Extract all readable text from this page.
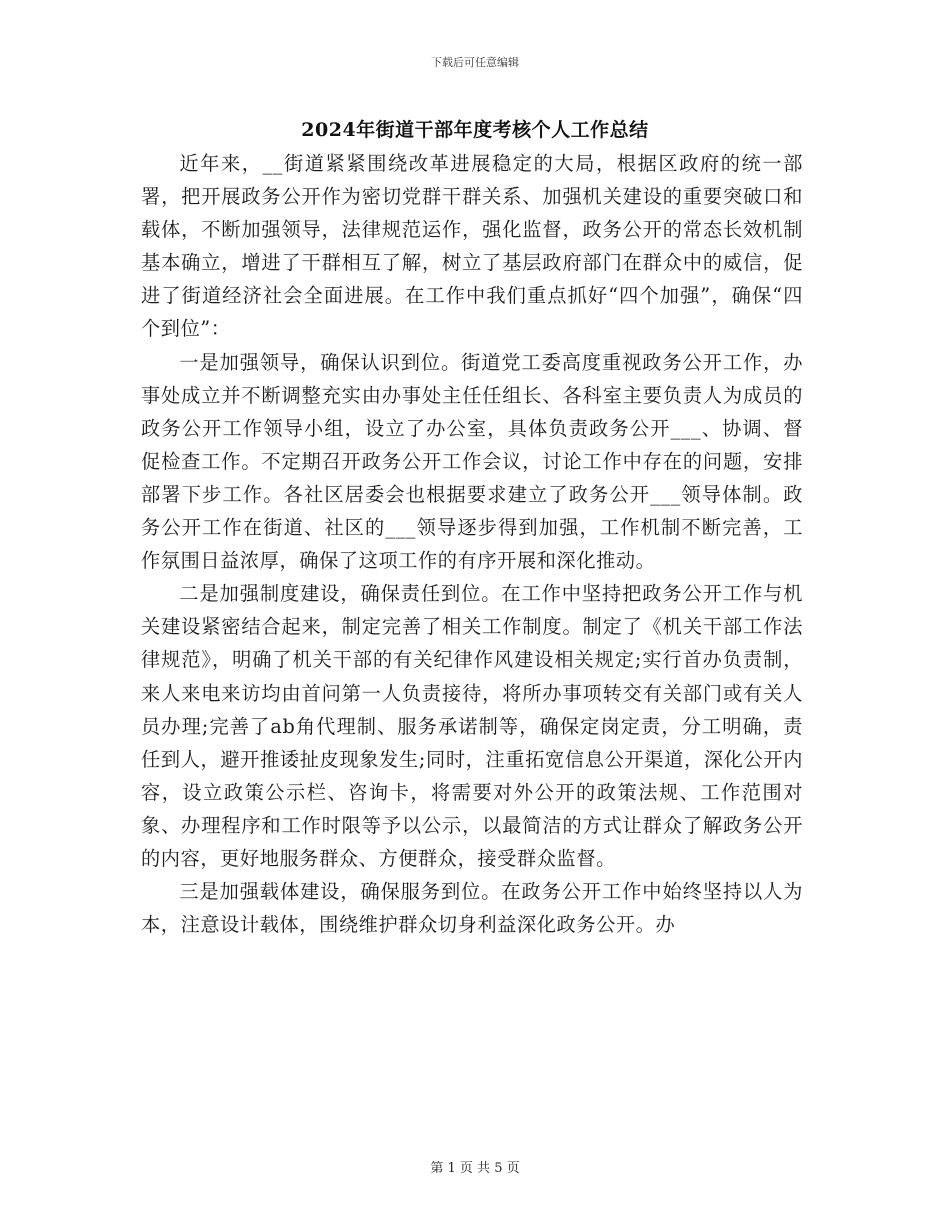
下载后可任意编辑
2024年街道干部年度考核个人工作总结

近年来，__街道紧紧围绕改革进展稳定的大局，根据区政府的统一部署，把开展政务公开作为密切党群干群关系、加强机关建设的重要突破口和载体，不断加强领导，法律规范运作，强化监督，政务公开的常态长效机制基本确立，增进了干群相互了解，树立了基层政府部门在群众中的威信，促进了街道经济社会全面进展。在工作中我们重点抓好“四个加强”，确保“四个到位”：

一是加强领导，确保认识到位。街道党工委高度重视政务公开工作，办事处成立并不断调整充实由办事处主任任组长、各科室主要负责人为成员的政务公开工作领导小组，设立了办公室，具体负责政务公开___、协调、督促检查工作。不定期召开政务公开工作会议，讨论工作中存在的问题，安排部署下步工作。各社区居委会也根据要求建立了政务公开___领导体制。政务公开工作在街道、社区的___领导逐步得到加强，工作机制不断完善，工作氛围日益浓厚，确保了这项工作的有序开展和深化推动。

二是加强制度建设，确保责任到位。在工作中坚持把政务公开工作与机关建设紧密结合起来，制定完善了相关工作制度。制定了《机关干部工作法律规范》，明确了机关干部的有关纪律作风建设相关规定;实行首办负责制，来人来电来访均由首问第一人负责接待，将所办事项转交有关部门或有关人员办理;完善了ab角代理制、服务承诺制等，确保定岗定责，分工明确，责任到人，避开推诿扯皮现象发生;同时，注重拓宽信息公开渠道，深化公开内容，设立政策公示栏、咨询卡，将需要对外公开的政策法规、工作范围对象、办理程序和工作时限等予以公示，以最简洁的方式让群众了解政务公开的内容，更好地服务群众、方便群众，接受群众监督。

三是加强载体建设，确保服务到位。在政务公开工作中始终坚持以人为本，注意设计载体，围绕维护群众切身利益深化政务公开。办

第 1 页 共 5 页
